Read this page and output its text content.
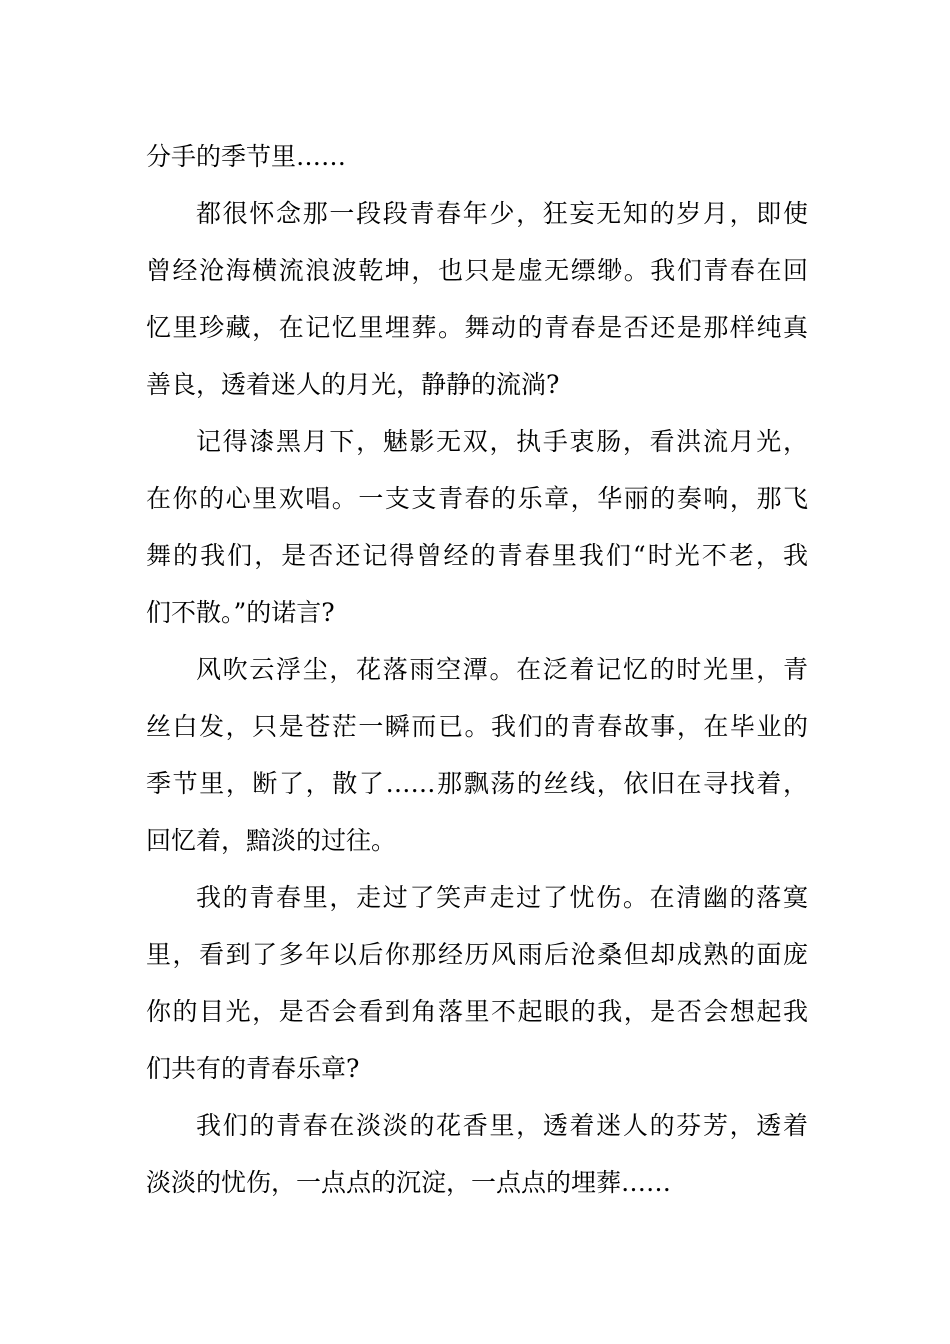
分手的季节里……
都很怀念那一段段青春年少，狂妄无知的岁月，即使
曾经沧海横流浪波乾坤，也只是虚无缥缈。我们青春在回
忆里珍藏，在记忆里埋葬。舞动的青春是否还是那样纯真
善良，透着迷人的月光，静静的流淌?
记得漆黑月下，魅影无双，执手衷肠，看洪流月光，
在你的心里欢唱。一支支青春的乐章，华丽的奏响，那飞
舞的我们，是否还记得曾经的青春里我们“时光不老，我
们不散。”的诺言?
风吹云浮尘，花落雨空潭。在泛着记忆的时光里，青
丝白发，只是苍茫一瞬而已。我们的青春故事，在毕业的
季节里，断了，散了……那飘荡的丝线，依旧在寻找着，
回忆着，黯淡的过往。
我的青春里，走过了笑声走过了忧伤。在清幽的落寞
里，看到了多年以后你那经历风雨后沧桑但却成熟的面庞
你的目光，是否会看到角落里不起眼的我，是否会想起我
们共有的青春乐章?
我们的青春在淡淡的花香里，透着迷人的芬芳，透着
淡淡的忧伤，一点点的沉淀，一点点的埋葬……
